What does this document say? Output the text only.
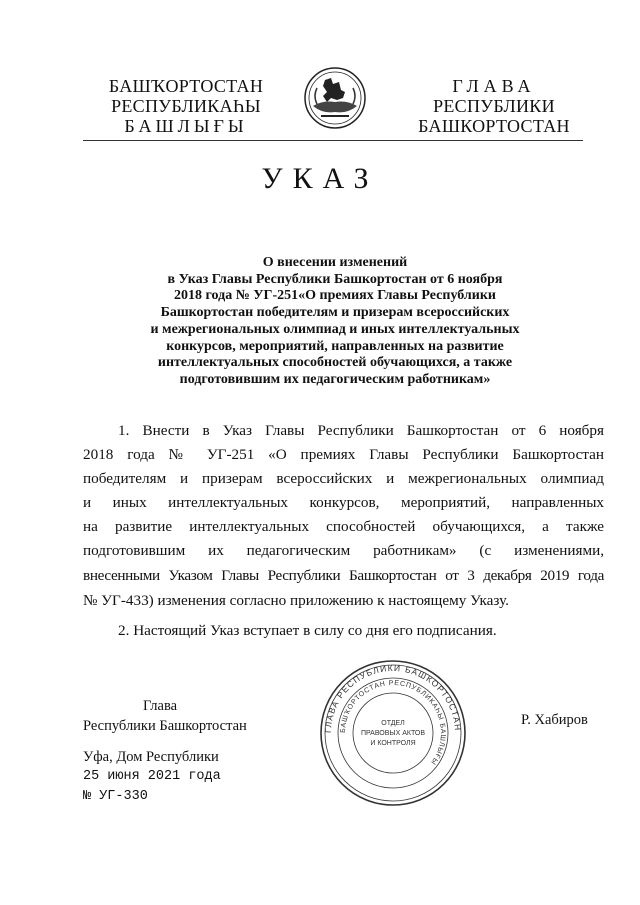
БАШҠОРТОСТАН
РЕСПУБЛИКАҺЫ
БАШЛЫҒЫ
ГЛАВА
РЕСПУБЛИКИ
БАШКОРТОСТАН
УКАЗ
О внесении изменений
в Указ Главы Республики Башкортостан от 6 ноября
2018 года № УГ-251«О премиях Главы Республики
Башкортостан победителям и призерам всероссийских
и межрегиональных олимпиад и иных интеллектуальных
конкурсов, мероприятий, направленных на развитие
интеллектуальных способностей обучающихся, а также
подготовившим их педагогическим работникам»
1. Внести в Указ Главы Республики Башкортостан от 6 ноября
2018 года № УГ-251 «О премиях Главы Республики Башкортостан
победителям и призерам всероссийских и межрегиональных олимпиад
и иных интеллектуальных конкурсов, мероприятий, направленных
на развитие интеллектуальных способностей обучающихся, а также
подготовившим их педагогическим работникам» (с изменениями,
внесенными Указом Главы Республики Башкортостан от 3 декабря 2019 года
№ УГ-433) изменения согласно приложению к настоящему Указу.
2. Настоящий Указ вступает в силу со дня его подписания.
ГЛАВА РЕСПУБЛИКИ БАШКОРТОСТАН
БАШҠОРТОСТАН РЕСПУБЛИКАҺЫ БАШЛЫҒЫ
ОТДЕЛ
ПРАВОВЫХ АКТОВ
И КОНТРОЛЯ
Глава
Республики Башкортостан	Р. Хабиров
Уфа, Дом Республики
25 июня 2021 года
№ УГ-330
